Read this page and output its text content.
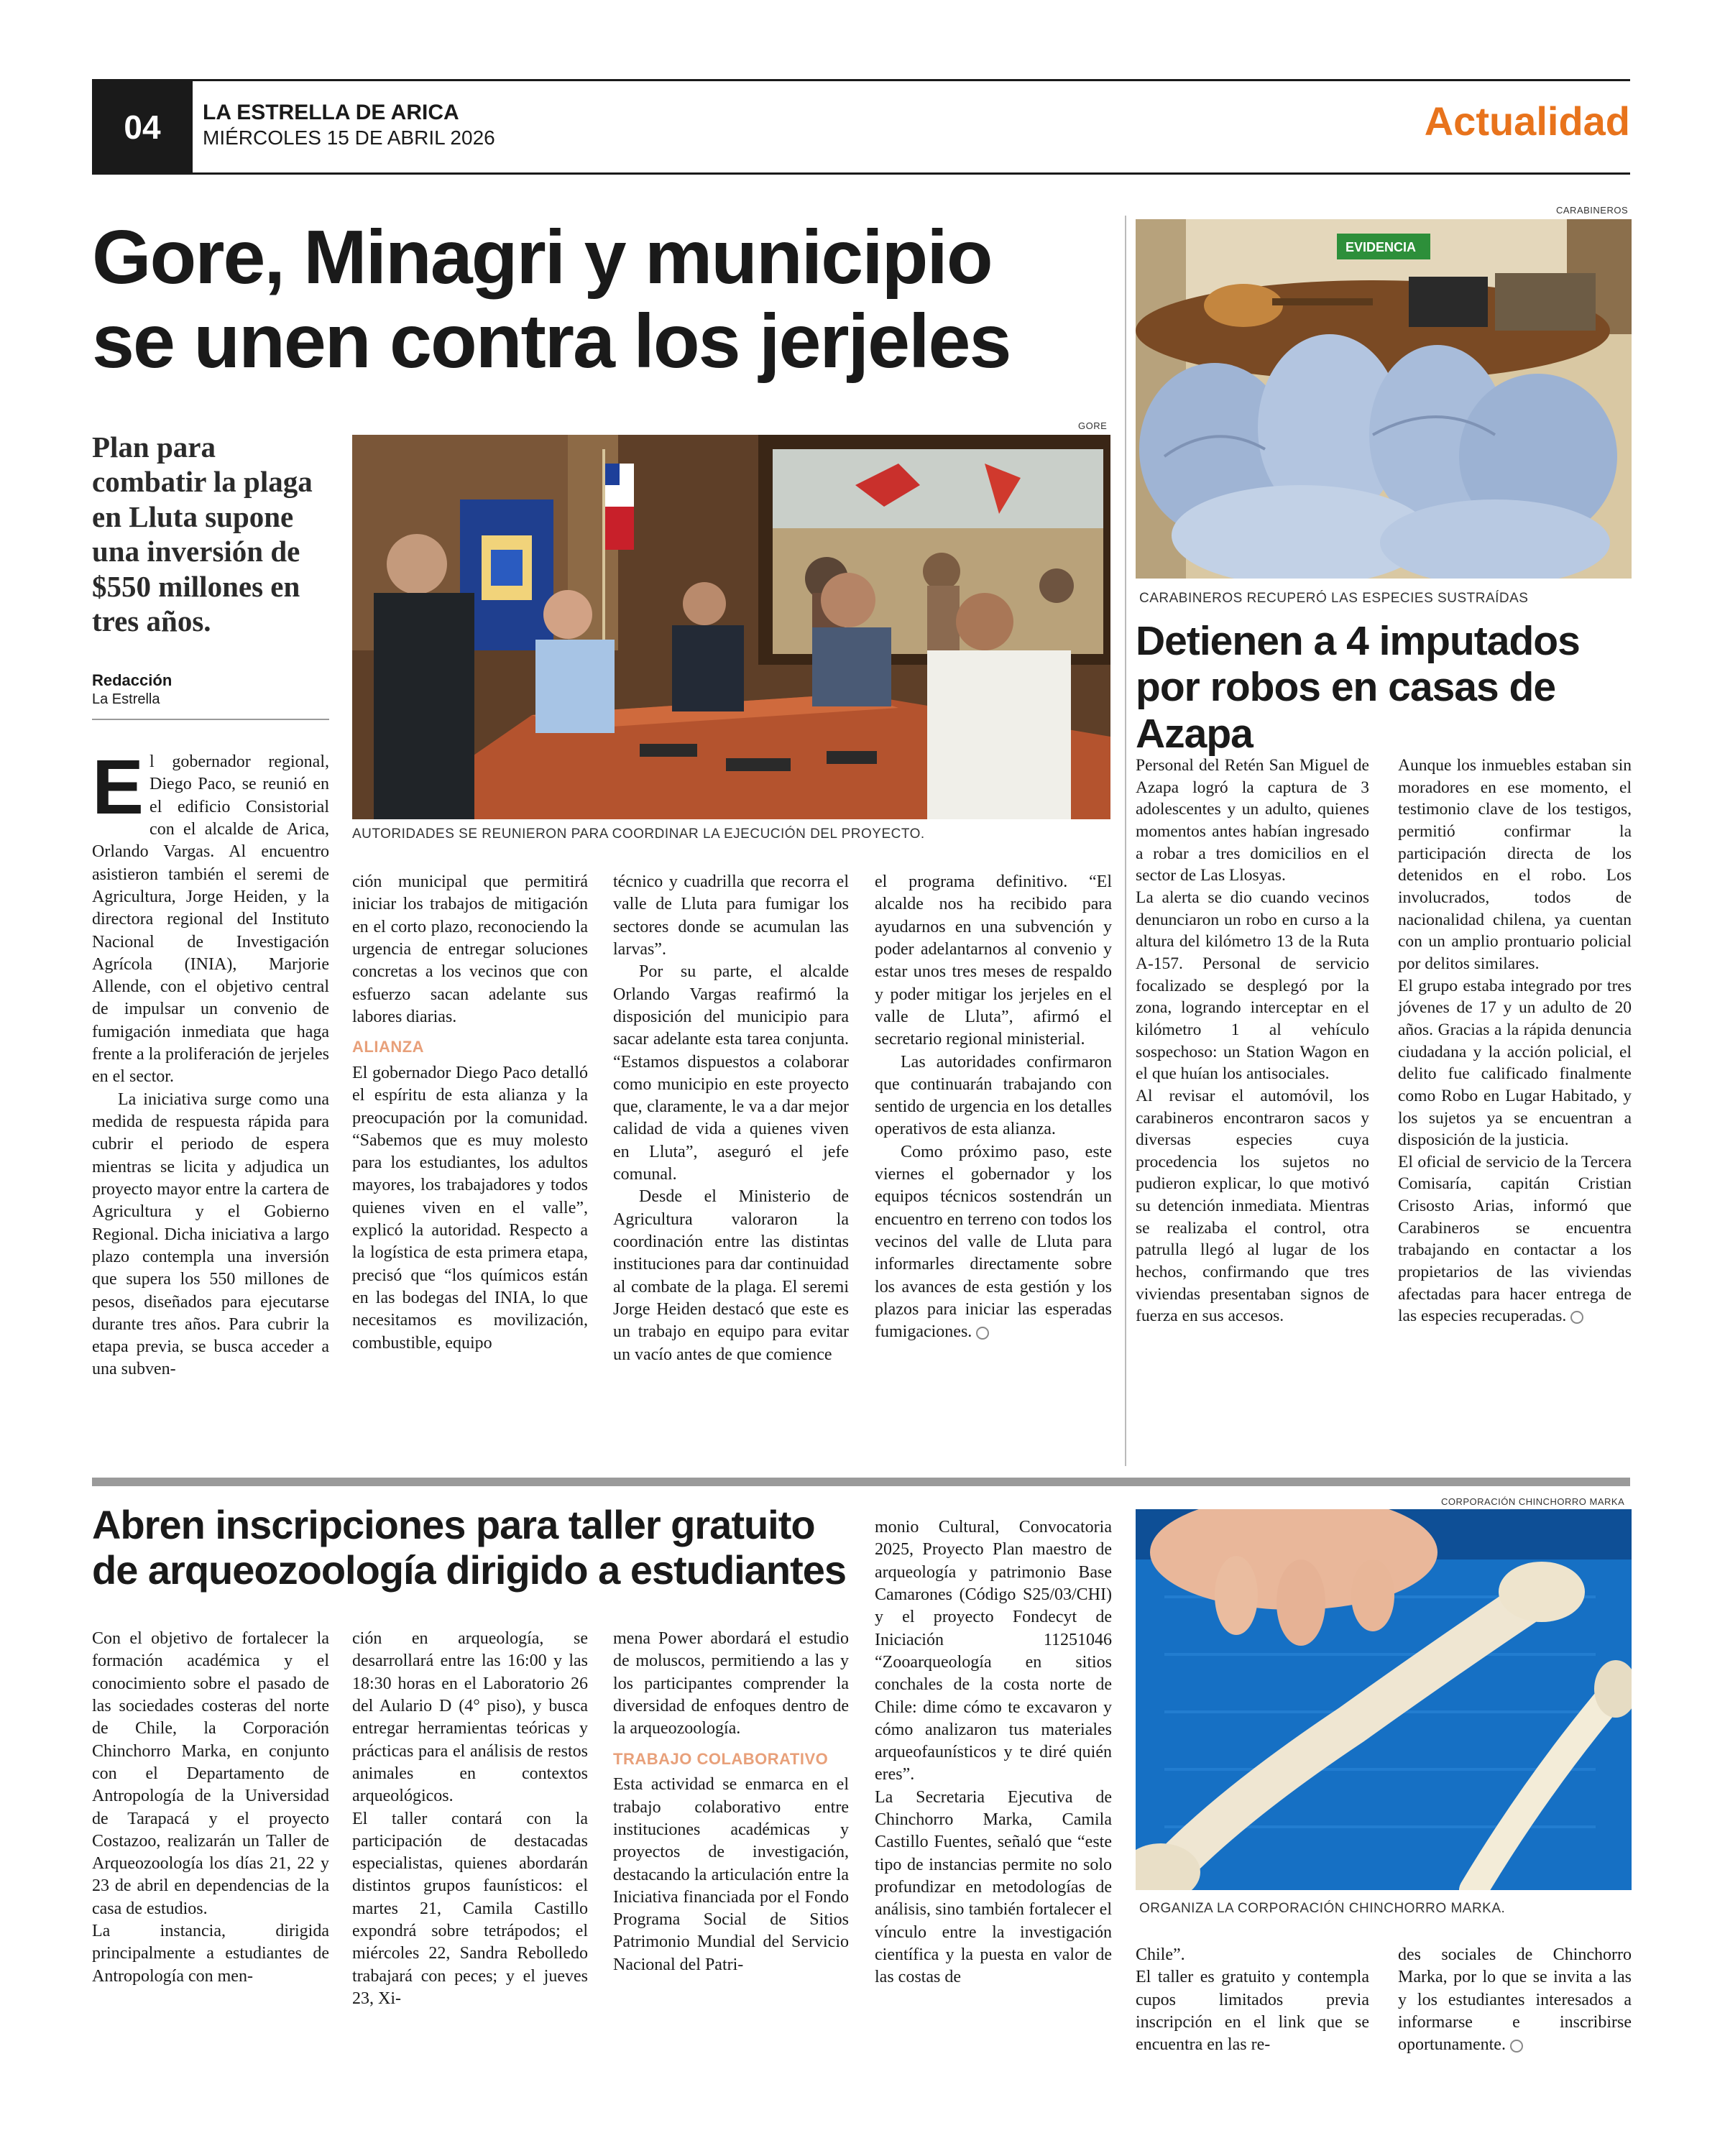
04	LA ESTRELLA DE ARICA
MIÉRCOLES 15 DE ABRIL 2026	Actualidad
Gore, Minagri y municipio
se unen contra los jerjeles

Plan para combatir la plaga en Lluta supone una inversión de $550 millones en tres años.

Redacción
La Estrella
GORE
AUTORIDADES SE REUNIERON PARA COORDINAR LA EJECUCIÓN DEL PROYECTO.

El gobernador regional, Diego Paco, se reunió en el edificio Consistorial con el alcalde de Arica, Orlando Vargas. Al encuentro asistieron también el seremi de Agricultura, Jorge Heiden, y la directora regional del Instituto Nacional de Investigación Agrícola (INIA), Marjorie Allende, con el objetivo central de impulsar un convenio de fumigación inmediata que haga frente a la proliferación de jerjeles en el sector.

La iniciativa surge como una medida de respuesta rápida para cubrir el periodo de espera mientras se licita y adjudica un proyecto mayor entre la cartera de Agricultura y el Gobierno Regional. Dicha iniciativa a largo plazo contempla una inversión que supera los 550 millones de pesos, diseñados para ejecutarse durante tres años. Para cubrir la etapa previa, se busca acceder a una subven-

ción municipal que permitirá iniciar los trabajos de mitigación en el corto plazo, reconociendo la urgencia de entregar soluciones concretas a los vecinos que con esfuerzo sacan adelante sus labores diarias.

ALIANZA

El gobernador Diego Paco detalló el espíritu de esta alianza y la preocupación por la comunidad. “Sabemos que es muy molesto para los estudiantes, los adultos mayores, los trabajadores y todos quienes viven en el valle”, explicó la autoridad. Respecto a la logística de esta primera etapa, precisó que “los químicos están en las bodegas del INIA, lo que necesitamos es movilización, combustible, equipo

técnico y cuadrilla que recorra el valle de Lluta para fumigar los sectores donde se acumulan las larvas”.

Por su parte, el alcalde Orlando Vargas reafirmó la disposición del municipio para sacar adelante esta tarea conjunta. “Estamos dispuestos a colaborar como municipio en este proyecto que, claramente, le va a dar mejor calidad de vida a quienes viven en Lluta”, aseguró el jefe comunal.

Desde el Ministerio de Agricultura valoraron la coordinación entre las distintas instituciones para dar continuidad al combate de la plaga. El seremi Jorge Heiden destacó que este es un trabajo en equipo para evitar un vacío antes de que comience

el programa definitivo. “El alcalde nos ha recibido para ayudarnos en una subvención y poder adelantarnos al convenio y estar unos tres meses de respaldo y poder mitigar los jerjeles en el valle de Lluta”, afirmó el secretario regional ministerial.

Las autoridades confirmaron que continuarán trabajando con sentido de urgencia en los detalles operativos de esta alianza.

Como próximo paso, este viernes el gobernador y los equipos técnicos sostendrán un encuentro en terreno con todos los vecinos del valle de Lluta para informarles directamente sobre los avances de esta gestión y los plazos para iniciar las esperadas fumigaciones.

CARABINEROS
EVIDENCIA
CARABINEROS RECUPERÓ LAS ESPECIES SUSTRAÍDAS
Detienen a 4 imputados por robos en casas de Azapa

Personal del Retén San Miguel de Azapa logró la captura de 3 adolescentes y un adulto, quienes momentos antes habían ingresado a robar a tres domicilios en el sector de Las Llosyas.

La alerta se dio cuando vecinos denunciaron un robo en curso a la altura del kilómetro 13 de la Ruta A-157. Personal de servicio focalizado se desplegó por la zona, logrando interceptar en el kilómetro 1 al vehículo sospechoso: un Station Wagon en el que huían los antisociales.

Al revisar el automóvil, los carabineros encontraron sacos y diversas especies cuya procedencia los sujetos no pudieron explicar, lo que motivó su detención inmediata. Mientras se realizaba el control, otra patrulla llegó al lugar de los hechos, confirmando que tres viviendas presentaban signos de fuerza en sus accesos.

Aunque los inmuebles estaban sin moradores en ese momento, el testimonio clave de los testigos, permitió confirmar la participación directa de los detenidos en el robo. Los involucrados, todos de nacionalidad chilena, ya cuentan con un amplio prontuario policial por delitos similares.

El grupo estaba integrado por tres jóvenes de 17 y un adulto de 20 años. Gracias a la rápida denuncia ciudadana y la acción policial, el delito fue calificado finalmente como Robo en Lugar Habitado, y los sujetos ya se encuentran a disposición de la justicia.

El oficial de servicio de la Tercera Comisaría, capitán Cristian Crisosto Arias, informó que Carabineros se encuentra trabajando en contactar a los propietarios de las viviendas afectadas para hacer entrega de las especies recuperadas.

Abren inscripciones para taller gratuito
de arqueozoología dirigido a estudiantes
CORPORACIÓN CHINCHORRO MARKA
ORGANIZA LA CORPORACIÓN CHINCHORRO MARKA.

Con el objetivo de fortalecer la formación académica y el conocimiento sobre el pasado de las sociedades costeras del norte de Chile, la Corporación Chinchorro Marka, en conjunto con el Departamento de Antropología de la Universidad de Tarapacá y el proyecto Costazoo, realizarán un Taller de Arqueozoología los días 21, 22 y 23 de abril en dependencias de la casa de estudios.

La instancia, dirigida principalmente a estudiantes de Antropología con men-

ción en arqueología, se desarrollará entre las 16:00 y las 18:30 horas en el Laboratorio 26 del Aulario D (4° piso), y busca entregar herramientas teóricas y prácticas para el análisis de restos animales en contextos arqueológicos.

El taller contará con la participación de destacadas especialistas, quienes abordarán distintos grupos faunísticos: el martes 21, Camila Castillo expondrá sobre tetrápodos; el miércoles 22, Sandra Rebolledo trabajará con peces; y el jueves 23, Xi-

mena Power abordará el estudio de moluscos, permitiendo a las y los participantes comprender la diversidad de enfoques dentro de la arqueozoología.

TRABAJO COLABORATIVO

Esta actividad se enmarca en el trabajo colaborativo entre instituciones académicas y proyectos de investigación, destacando la articulación entre la Iniciativa financiada por el Fondo Programa Social de Sitios Patrimonio Mundial del Servicio Nacional del Patri-

monio Cultural, Convocatoria 2025, Proyecto Plan maestro de arqueología y patrimonio Base Camarones (Código S25/03/CHI) y el proyecto Fondecyt de Iniciación 11251046 “Zooarqueología en sitios conchales de la costa norte de Chile: dime cómo te excavaron y cómo analizaron tus materiales arqueofaunísticos y te diré quién eres”.

La Secretaria Ejecutiva de Chinchorro Marka, Camila Castillo Fuentes, señaló que “este tipo de instancias permite no solo profundizar en metodologías de análisis, sino también fortalecer el vínculo entre la investigación científica y la puesta en valor de las costas de

Chile”.

El taller es gratuito y contempla cupos limitados previa inscripción en el link que se encuentra en las re-

des sociales de Chinchorro Marka, por lo que se invita a las y los estudiantes interesados a informarse e inscribirse oportunamente.
